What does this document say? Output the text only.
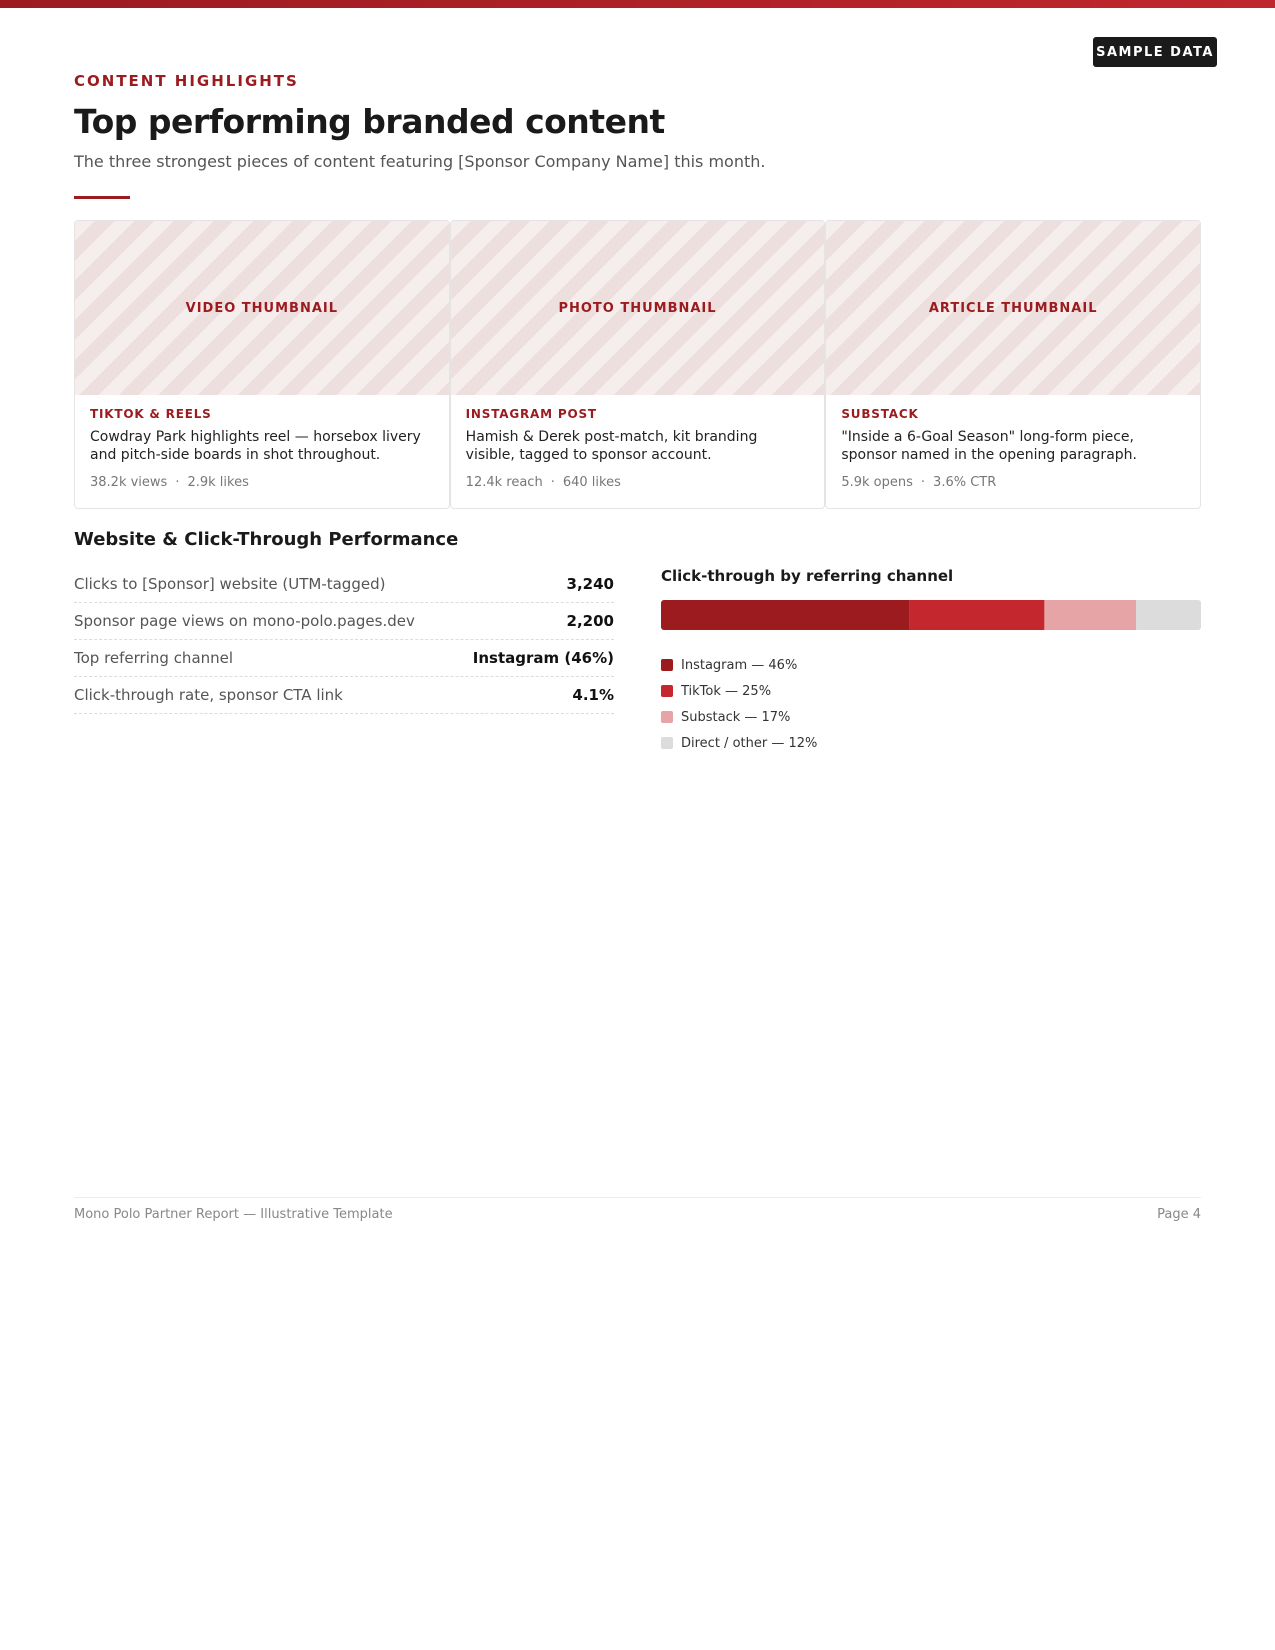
SAMPLE DATA
CONTENT HIGHLIGHTS
Top performing branded content
The three strongest pieces of content featuring [Sponsor Company Name] this month.
VIDEO THUMBNAIL
TIKTOK & REELS
Cowdray Park highlights reel — horsebox livery and pitch-side boards in shot throughout.
38.2k views · 2.9k likes
PHOTO THUMBNAIL
INSTAGRAM POST
Hamish & Derek post-match, kit branding visible, tagged to sponsor account.
12.4k reach · 640 likes
ARTICLE THUMBNAIL
SUBSTACK
"Inside a 6-Goal Season" long-form piece, sponsor named in the opening paragraph.
5.9k opens · 3.6% CTR
Website & Click-Through Performance
Clicks to [Sponsor] website (UTM-tagged)	3,240
Sponsor page views on mono-polo.pages.dev	2,200
Top referring channel	Instagram (46%)
Click-through rate, sponsor CTA link	4.1%
Click-through by referring channel
Instagram — 46%
TikTok — 25%
Substack — 17%
Direct / other — 12%
Mono Polo Partner Report — Illustrative Template	Page 4
